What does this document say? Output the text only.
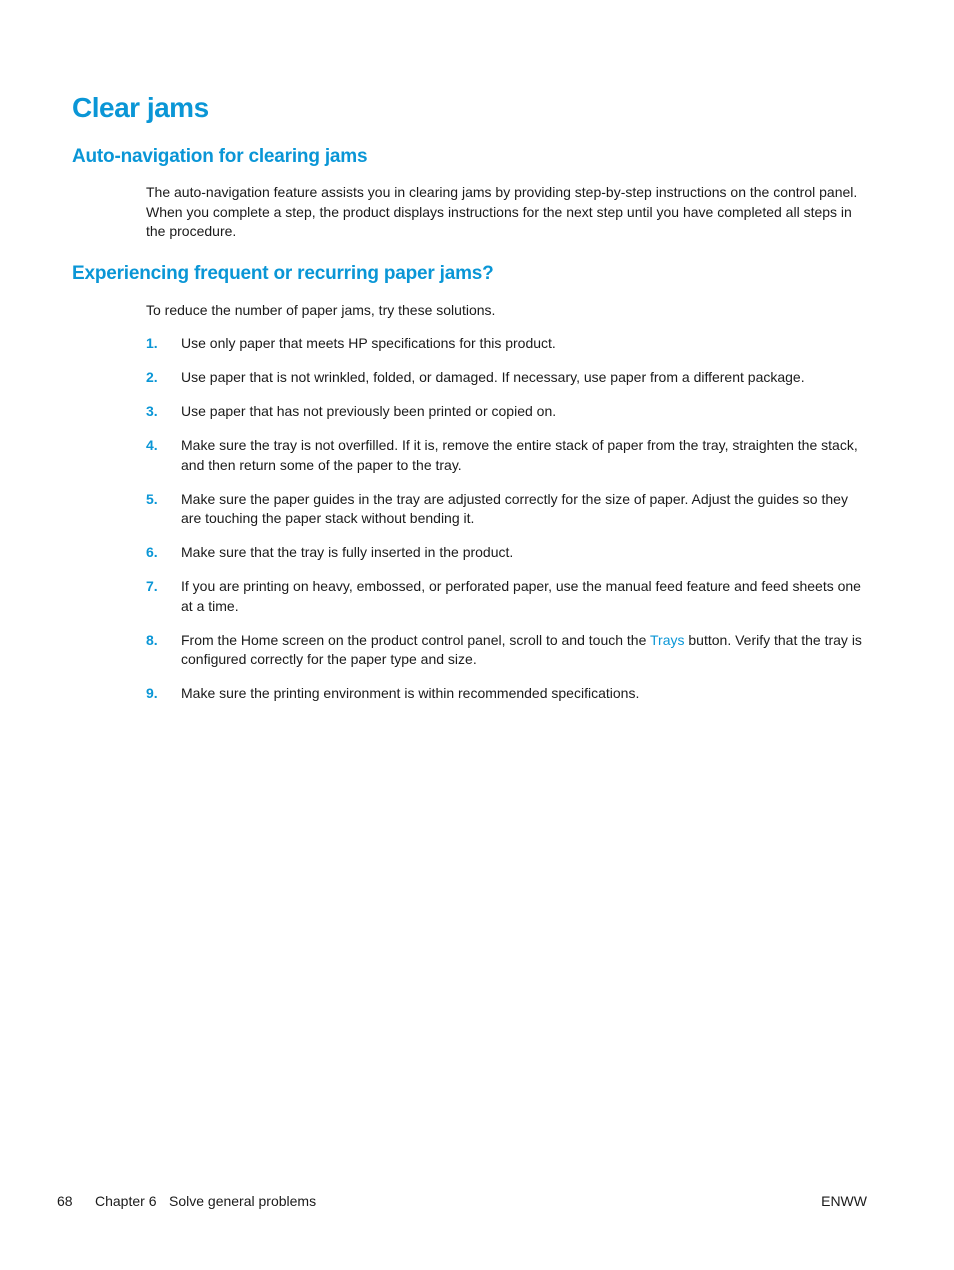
Clear jams
Auto-navigation for clearing jams

The auto-navigation feature assists you in clearing jams by providing step-by-step instructions on the control panel. When you complete a step, the product displays instructions for the next step until you have completed all steps in the procedure.

Experiencing frequent or recurring paper jams?

To reduce the number of paper jams, try these solutions.

1. Use only paper that meets HP specifications for this product.
2. Use paper that is not wrinkled, folded, or damaged. If necessary, use paper from a different package.
3. Use paper that has not previously been printed or copied on.
4. Make sure the tray is not overfilled. If it is, remove the entire stack of paper from the tray, straighten the stack, and then return some of the paper to the tray.
5. Make sure the paper guides in the tray are adjusted correctly for the size of paper. Adjust the guides so they are touching the paper stack without bending it.
6. Make sure that the tray is fully inserted in the product.
7. If you are printing on heavy, embossed, or perforated paper, use the manual feed feature and feed sheets one at a time.
8. From the Home screen on the product control panel, scroll to and touch the Trays button. Verify that the tray is configured correctly for the paper type and size.
9. Make sure the printing environment is within recommended specifications.
68 Chapter 6 Solve general problems	ENWW
